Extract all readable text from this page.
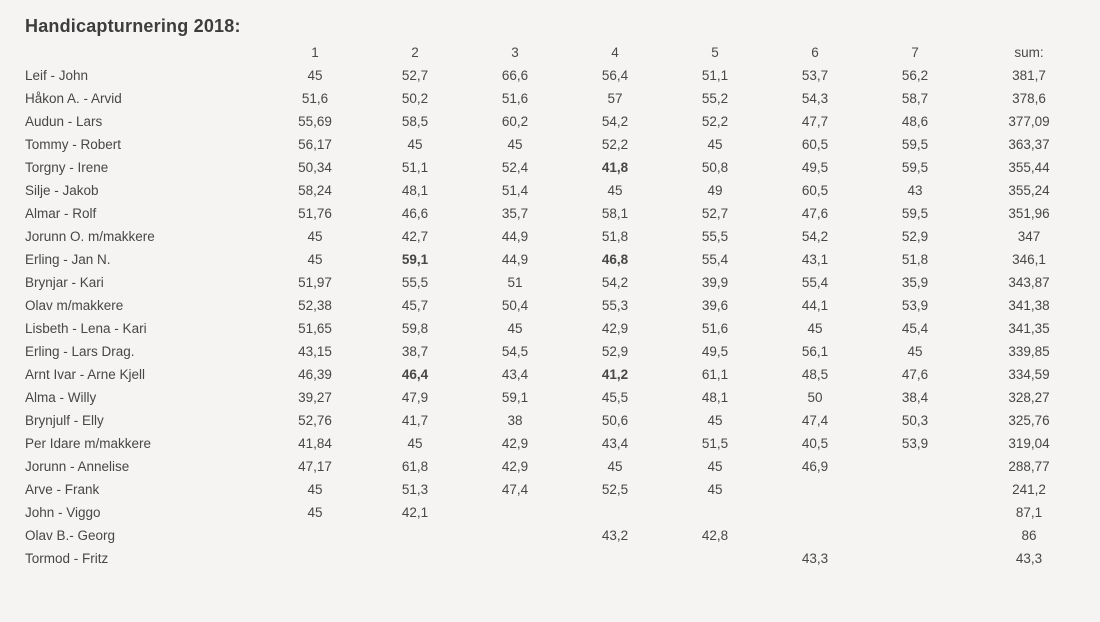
Handicapturnering 2018:
	1	2	3	4	5	6	7	sum:
Leif - John	45	52,7	66,6	56,4	51,1	53,7	56,2	381,7
Håkon A. - Arvid	51,6	50,2	51,6	57	55,2	54,3	58,7	378,6
Audun - Lars	55,69	58,5	60,2	54,2	52,2	47,7	48,6	377,09
Tommy - Robert	56,17	45	45	52,2	45	60,5	59,5	363,37
Torgny - Irene	50,34	51,1	52,4	41,8	50,8	49,5	59,5	355,44
Silje - Jakob	58,24	48,1	51,4	45	49	60,5	43	355,24
Almar - Rolf	51,76	46,6	35,7	58,1	52,7	47,6	59,5	351,96
Jorunn O. m/makkere	45	42,7	44,9	51,8	55,5	54,2	52,9	347
Erling - Jan N.	45	59,1	44,9	46,8	55,4	43,1	51,8	346,1
Brynjar - Kari	51,97	55,5	51	54,2	39,9	55,4	35,9	343,87
Olav m/makkere	52,38	45,7	50,4	55,3	39,6	44,1	53,9	341,38
Lisbeth - Lena - Kari	51,65	59,8	45	42,9	51,6	45	45,4	341,35
Erling - Lars Drag.	43,15	38,7	54,5	52,9	49,5	56,1	45	339,85
Arnt Ivar - Arne Kjell	46,39	46,4	43,4	41,2	61,1	48,5	47,6	334,59
Alma - Willy	39,27	47,9	59,1	45,5	48,1	50	38,4	328,27
Brynjulf - Elly	52,76	41,7	38	50,6	45	47,4	50,3	325,76
Per Idare m/makkere	41,84	45	42,9	43,4	51,5	40,5	53,9	319,04
Jorunn - Annelise	47,17	61,8	42,9	45	45	46,9		288,77
Arve - Frank	45	51,3	47,4	52,5	45			241,2
John - Viggo	45	42,1						87,1
Olav B.- Georg				43,2	42,8			86
Tormod - Fritz						43,3		43,3
